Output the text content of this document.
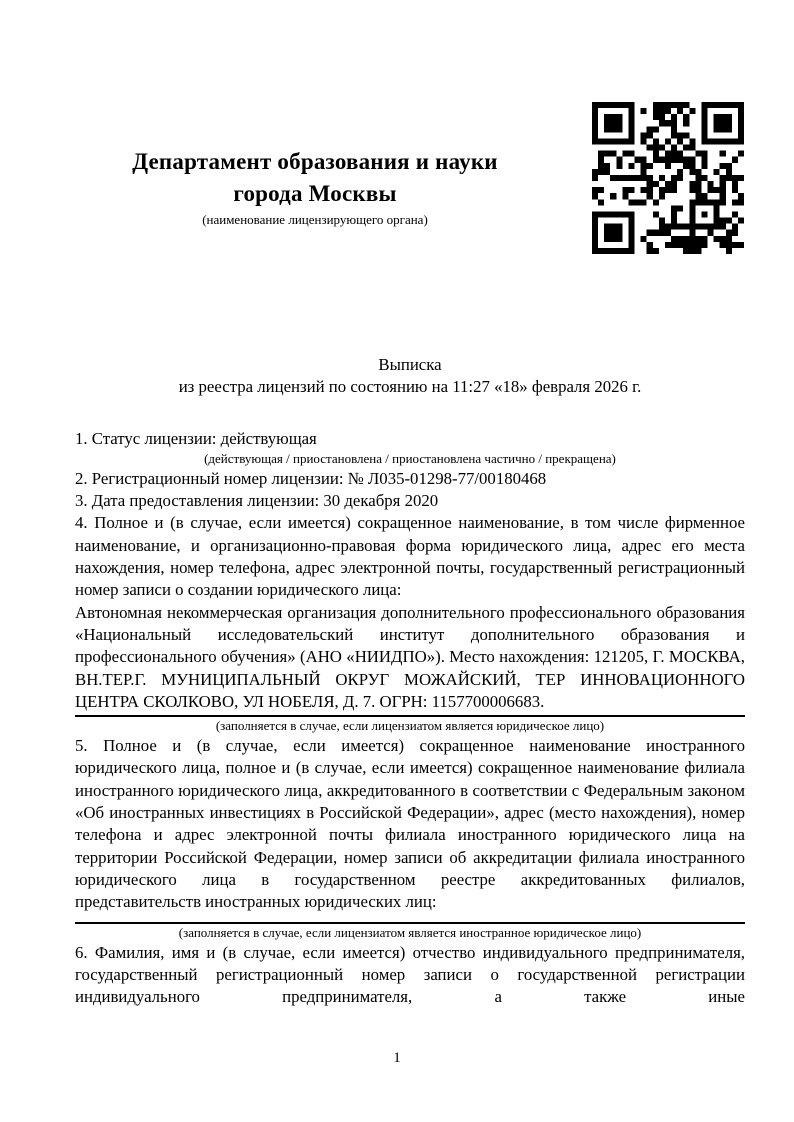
Департамент образования и науки
города Москвы
(наименование лицензирующего органа)
Выписка
из реестра лицензий по состоянию на 11:27 «18» февраля 2026 г.

1. Статус лицензии: действующая

(действующая / приостановлена / приостановлена частично / прекращена)

2. Регистрационный номер лицензии: № Л035-01298-77/00180468

3. Дата предоставления лицензии: 30 декабря 2020

4. Полное и (в случае, если имеется) сокращенное наименование, в том числе фирменное наименование, и организационно-правовая форма юридического лица, адрес его места нахождения, номер телефона, адрес электронной почты, государственный регистрационный номер записи о создании юридического лица:

Автономная некоммерческая организация дополнительного профессионального образования «Национальный исследовательский институт дополнительного образования и профессионального обучения» (АНО «НИИДПО»). Место нахождения: 121205, Г. МОСКВА, ВН.ТЕР.Г. МУНИЦИПАЛЬНЫЙ ОКРУГ МОЖАЙСКИЙ, ТЕР ИННОВАЦИОННОГО ЦЕНТРА СКОЛКОВО, УЛ НОБЕЛЯ, Д. 7. ОГРН: 1157700006683.

(заполняется в случае, если лицензиатом является юридическое лицо)

5. Полное и (в случае, если имеется) сокращенное наименование иностранного юридического лица, полное и (в случае, если имеется) сокращенное наименование филиала иностранного юридического лица, аккредитованного в соответствии с Федеральным законом «Об иностранных инвестициях в Российской Федерации», адрес (место нахождения), номер телефона и адрес электронной почты филиала иностранного юридического лица на территории Российской Федерации, номер записи об аккредитации филиала иностранного юридического лица в государственном реестре аккредитованных филиалов, представительств иностранных юридических лиц:

(заполняется в случае, если лицензиатом является иностранное юридическое лицо)

6. Фамилия, имя и (в случае, если имеется) отчество индивидуального предпринимателя, государственный регистрационный номер записи о государственной регистрации индивидуального предпринимателя, а также иные

1
